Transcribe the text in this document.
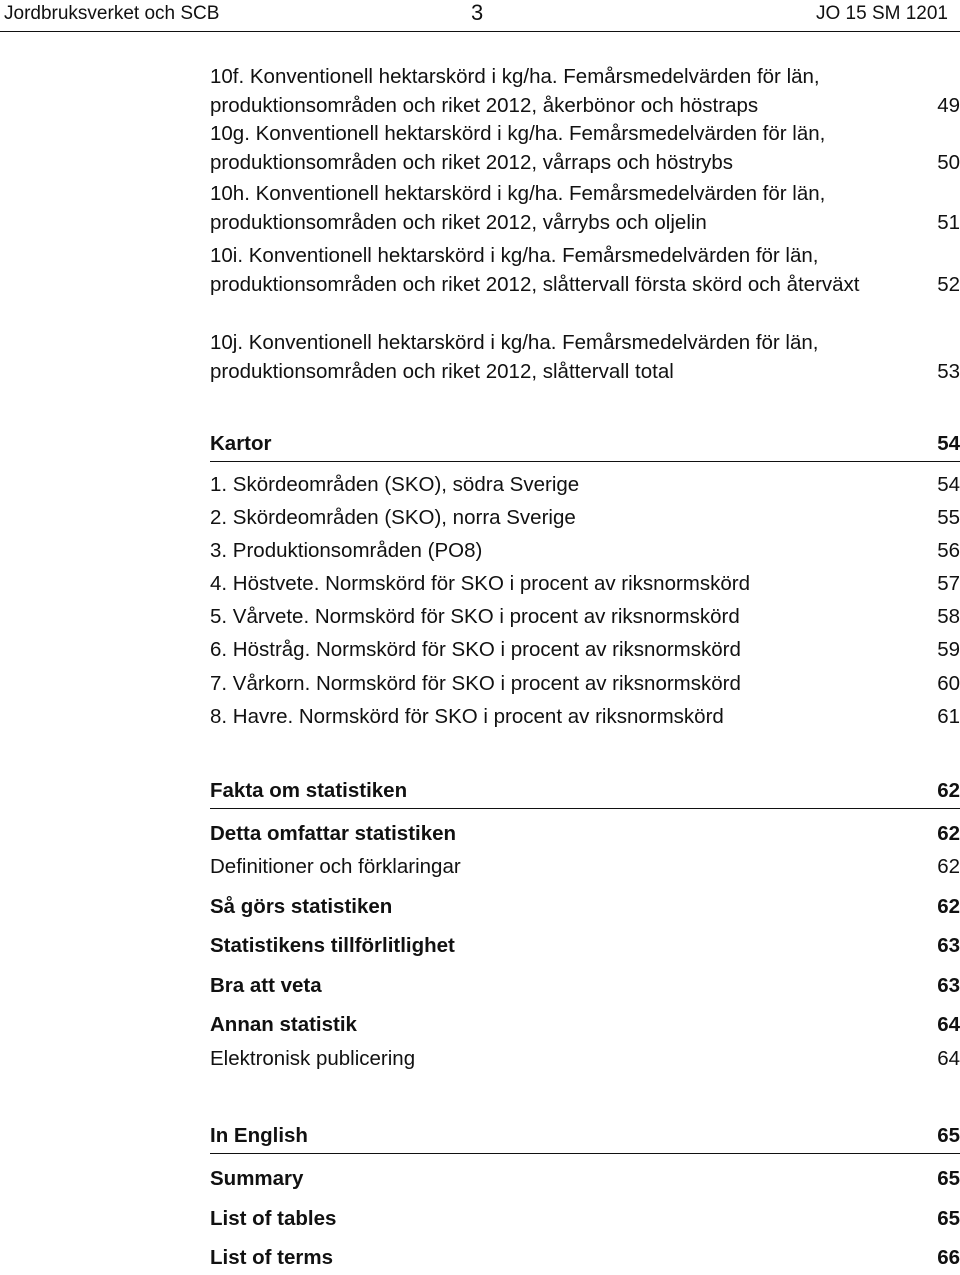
Jordbruksverket och SCB	3	JO 15 SM 1201
10f. Konventionell hektarskörd i kg/ha. Femårsmedelvärden för län, produktionsområden och riket 2012, åkerbönor och höstraps	49
10g. Konventionell hektarskörd i kg/ha. Femårsmedelvärden för län, produktionsområden och riket 2012, vårraps och höstrybs	50
10h. Konventionell hektarskörd i kg/ha. Femårsmedelvärden för län, produktionsområden och riket 2012, vårrybs och oljelin	51
10i. Konventionell hektarskörd i kg/ha. Femårsmedelvärden för län, produktionsområden och riket 2012, slåttervall första skörd och återväxt	52
10j. Konventionell hektarskörd i kg/ha. Femårsmedelvärden för län, produktionsområden och riket 2012, slåttervall total	53
Kartor	54
1. Skördeområden (SKO), södra Sverige	54
2. Skördeområden (SKO), norra Sverige	55
3. Produktionsområden (PO8)	56
4. Höstvete. Normskörd för SKO i procent av riksnormskörd	57
5. Vårvete. Normskörd för SKO i procent av riksnormskörd	58
6. Höstråg. Normskörd för SKO i procent av riksnormskörd	59
7. Vårkorn. Normskörd för SKO i procent av riksnormskörd	60
8. Havre. Normskörd för SKO i procent av riksnormskörd	61
Fakta om statistiken	62
Detta omfattar statistiken	62
Definitioner och förklaringar	62
Så görs statistiken	62
Statistikens tillförlitlighet	63
Bra att veta	63
Annan statistik	64
Elektronisk publicering	64
In English	65
Summary	65
List of tables	65
List of terms	66
